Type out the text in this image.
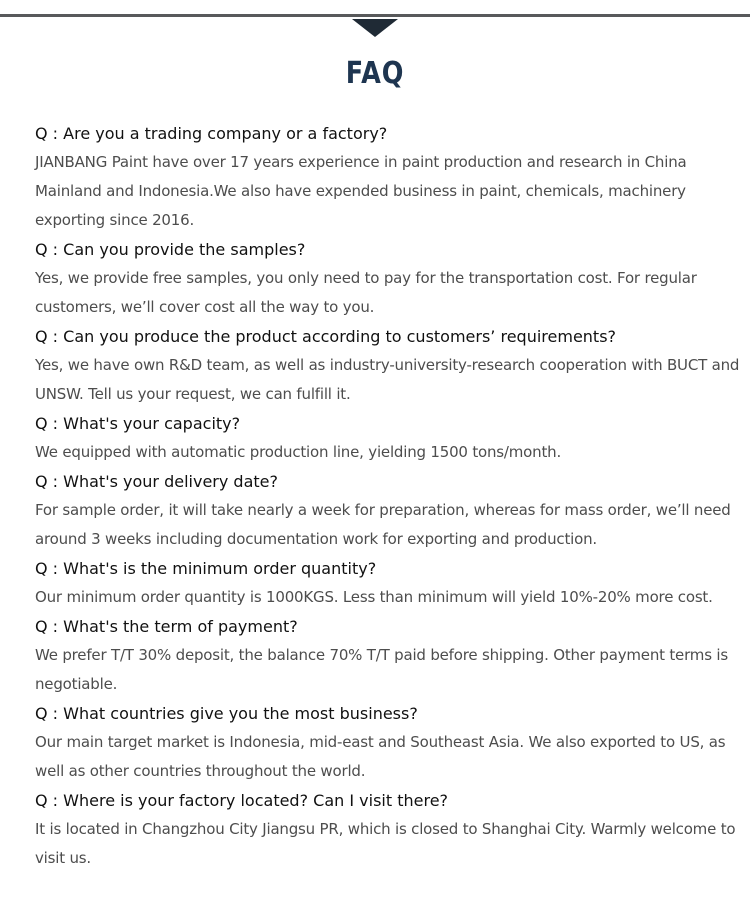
FAQ

Q : Are you a trading company or a factory?

JIANBANG Paint have over 17 years experience in paint production and research in China Mainland and Indonesia.We also have expended business in paint, chemicals, machinery exporting since 2016.

Q : Can you provide the samples?

Yes, we provide free samples, you only need to pay for the transportation cost. For regular customers, we’ll cover cost all the way to you.

Q : Can you produce the product according to customers’ requirements?

Yes, we have own R&D team, as well as industry-university-research cooperation with BUCT and UNSW. Tell us your request, we can fulfill it.

Q : What's your capacity?

We equipped with automatic production line, yielding 1500 tons/month.

Q : What's your delivery date?

For sample order, it will take nearly a week for preparation, whereas for mass order, we’ll need around 3 weeks including documentation work for exporting and production.

Q : What's is the minimum order quantity?

Our minimum order quantity is 1000KGS. Less than minimum will yield 10%-20% more cost.

Q : What's the term of payment?

We prefer T/T 30% deposit, the balance 70% T/T paid before shipping. Other payment terms is negotiable.

Q : What countries give you the most business?

Our main target market is Indonesia, mid-east and Southeast Asia. We also exported to US, as well as other countries throughout the world.

Q : Where is your factory located? Can I visit there?

It is located in Changzhou City Jiangsu PR, which is closed to Shanghai City. Warmly welcome to visit us.
